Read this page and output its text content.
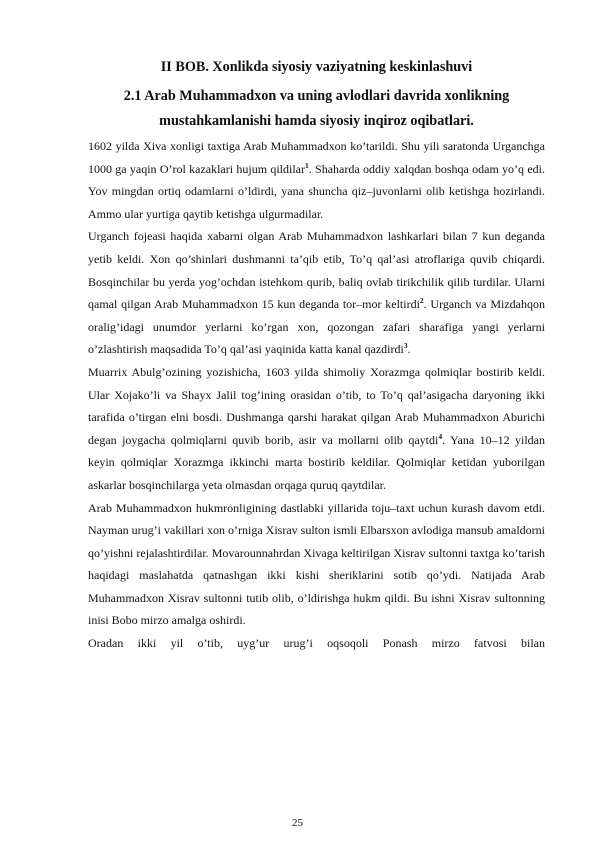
II BOB. Xonlikda siyosiy vaziyatning keskinlashuvi
2.1 Arab Muhammadxon va uning avlodlari davrida xonlikning
mustahkamlanishi hamda siyosiy inqiroz oqibatlari.

1602 yilda Xiva xonligi taxtiga Arab Muhammadxon ko’tarildi. Shu yili saratonda Urganchga 1000 ga yaqin O’rol kazaklari hujum qildilar$^1$. Shaharda oddiy xalqdan boshqa odam yo’q edi. Yov mingdan ortiq odamlarni o’ldirdi, yana shuncha qiz–juvonlarni olib ketishga hozirlandi. Ammo ular yurtiga qaytib ketishga ulgurmadilar.

Urganch fojeasi haqida xabarni olgan Arab Muhammadxon lashkarlari bilan 7 kun deganda yetib keldi. Xon qo’shinlari dushmanni ta’qib etib, To’q qal’asi atroflariga quvib chiqardi. Bosqinchilar bu yerda yog’ochdan istehkom qurib, baliq ovlab tirikchilik qilib turdilar. Ularni qamal qilgan Arab Muhammadxon 15 kun deganda tor–mor keltirdi$^2$. Urganch va Mizdahqon oralig’idagi unumdor yerlarni ko’rgan xon, qozongan zafari sharafiga yangi yerlarni o’zlashtirish maqsadida To’q qal’asi yaqinida katta kanal qazdirdi$^3$.

Muarrix Abulg’ozining yozishicha, 1603 yilda shimoliy Xorazmga qolmiqlar bostirib keldi. Ular Xojako’li va Shayx Jalil tog’ining orasidan o’tib, to To’q qal’asigacha daryoning ikki tarafida o’tirgan elni bosdi. Dushmanga qarshi harakat qilgan Arab Muhammadxon Aburichi degan joygacha qolmiqlarni quvib borib, asir va mollarni olib qaytdi$^4$. Yana 10–12 yildan keyin qolmiqlar Xorazmga ikkinchi marta bostirib keldilar. Qolmiqlar ketidan yuborilgan askarlar bosqinchilarga yeta olmasdan orqaga quruq qaytdilar.

Arab Muhammadxon hukmronligining dastlabki yillarida toju–taxt uchun kurash davom etdi. Nayman urug’i vakillari xon o’rniga Xisrav sulton ismli Elbarsxon avlodiga mansub amaldorni qo’yishni rejalashtirdilar. Movarounnahrdan Xivaga keltirilgan Xisrav sultonni taxtga ko’tarish haqidagi maslahatda qatnashgan ikki kishi sheriklarini sotib qo’ydi. Natijada Arab Muhammadxon Xisrav sultonni tutib olib, o’ldirishga hukm qildi. Bu ishni Xisrav sultonning inisi Bobo mirzo amalga oshirdi.

Oradan ikki yil o’tib, uyg’ur urug’i oqsoqoli Ponash mirzo fatvosi bilan

25
